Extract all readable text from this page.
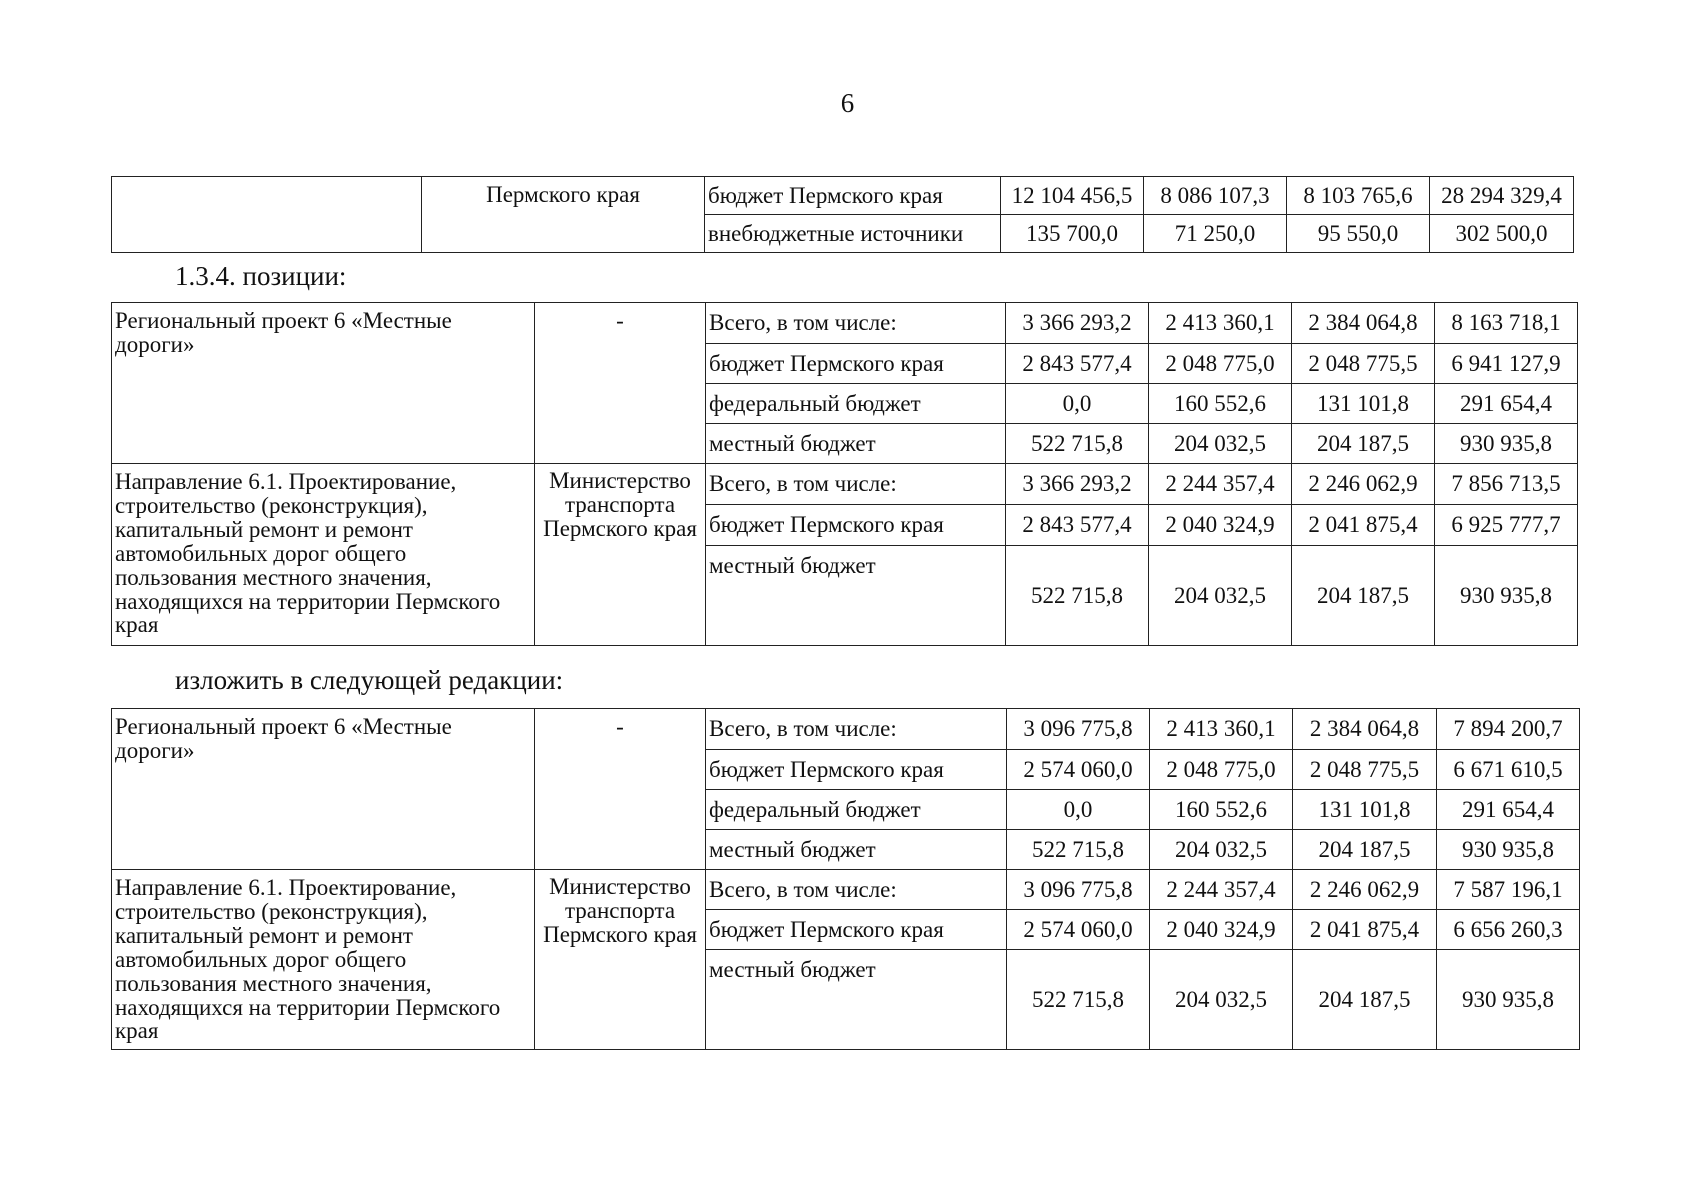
6
	Пермского края	бюджет Пермского края	12 104 456,5	8 086 107,3	8 103 765,6	28 294 329,4
		внебюджетные источники	135 700,0	71 250,0	95 550,0	302 500,0
1.3.4. позиции:
Региональный проект 6 «Местные дороги»	-	Всего, в том числе:	3 366 293,2	2 413 360,1	2 384 064,8	8 163 718,1
		бюджет Пермского края	2 843 577,4	2 048 775,0	2 048 775,5	6 941 127,9
		федеральный бюджет	0,0	160 552,6	131 101,8	291 654,4
		местный бюджет	522 715,8	204 032,5	204 187,5	930 935,8
Направление 6.1. Проектирование, строительство (реконструкция), капитальный ремонт и ремонт автомобильных дорог общего пользования местного значения, находящихся на территории Пермского края	Министерство транспорта Пермского края	Всего, в том числе:	3 366 293,2	2 244 357,4	2 246 062,9	7 856 713,5
		бюджет Пермского края	2 843 577,4	2 040 324,9	2 041 875,4	6 925 777,7
		местный бюджет	522 715,8	204 032,5	204 187,5	930 935,8
изложить в следующей редакции:
Региональный проект 6 «Местные дороги»	-	Всего, в том числе:	3 096 775,8	2 413 360,1	2 384 064,8	7 894 200,7
		бюджет Пермского края	2 574 060,0	2 048 775,0	2 048 775,5	6 671 610,5
		федеральный бюджет	0,0	160 552,6	131 101,8	291 654,4
		местный бюджет	522 715,8	204 032,5	204 187,5	930 935,8
Направление 6.1. Проектирование, строительство (реконструкция), капитальный ремонт и ремонт автомобильных дорог общего пользования местного значения, находящихся на территории Пермского края	Министерство транспорта Пермского края	Всего, в том числе:	3 096 775,8	2 244 357,4	2 246 062,9	7 587 196,1
		бюджет Пермского края	2 574 060,0	2 040 324,9	2 041 875,4	6 656 260,3
		местный бюджет	522 715,8	204 032,5	204 187,5	930 935,8
